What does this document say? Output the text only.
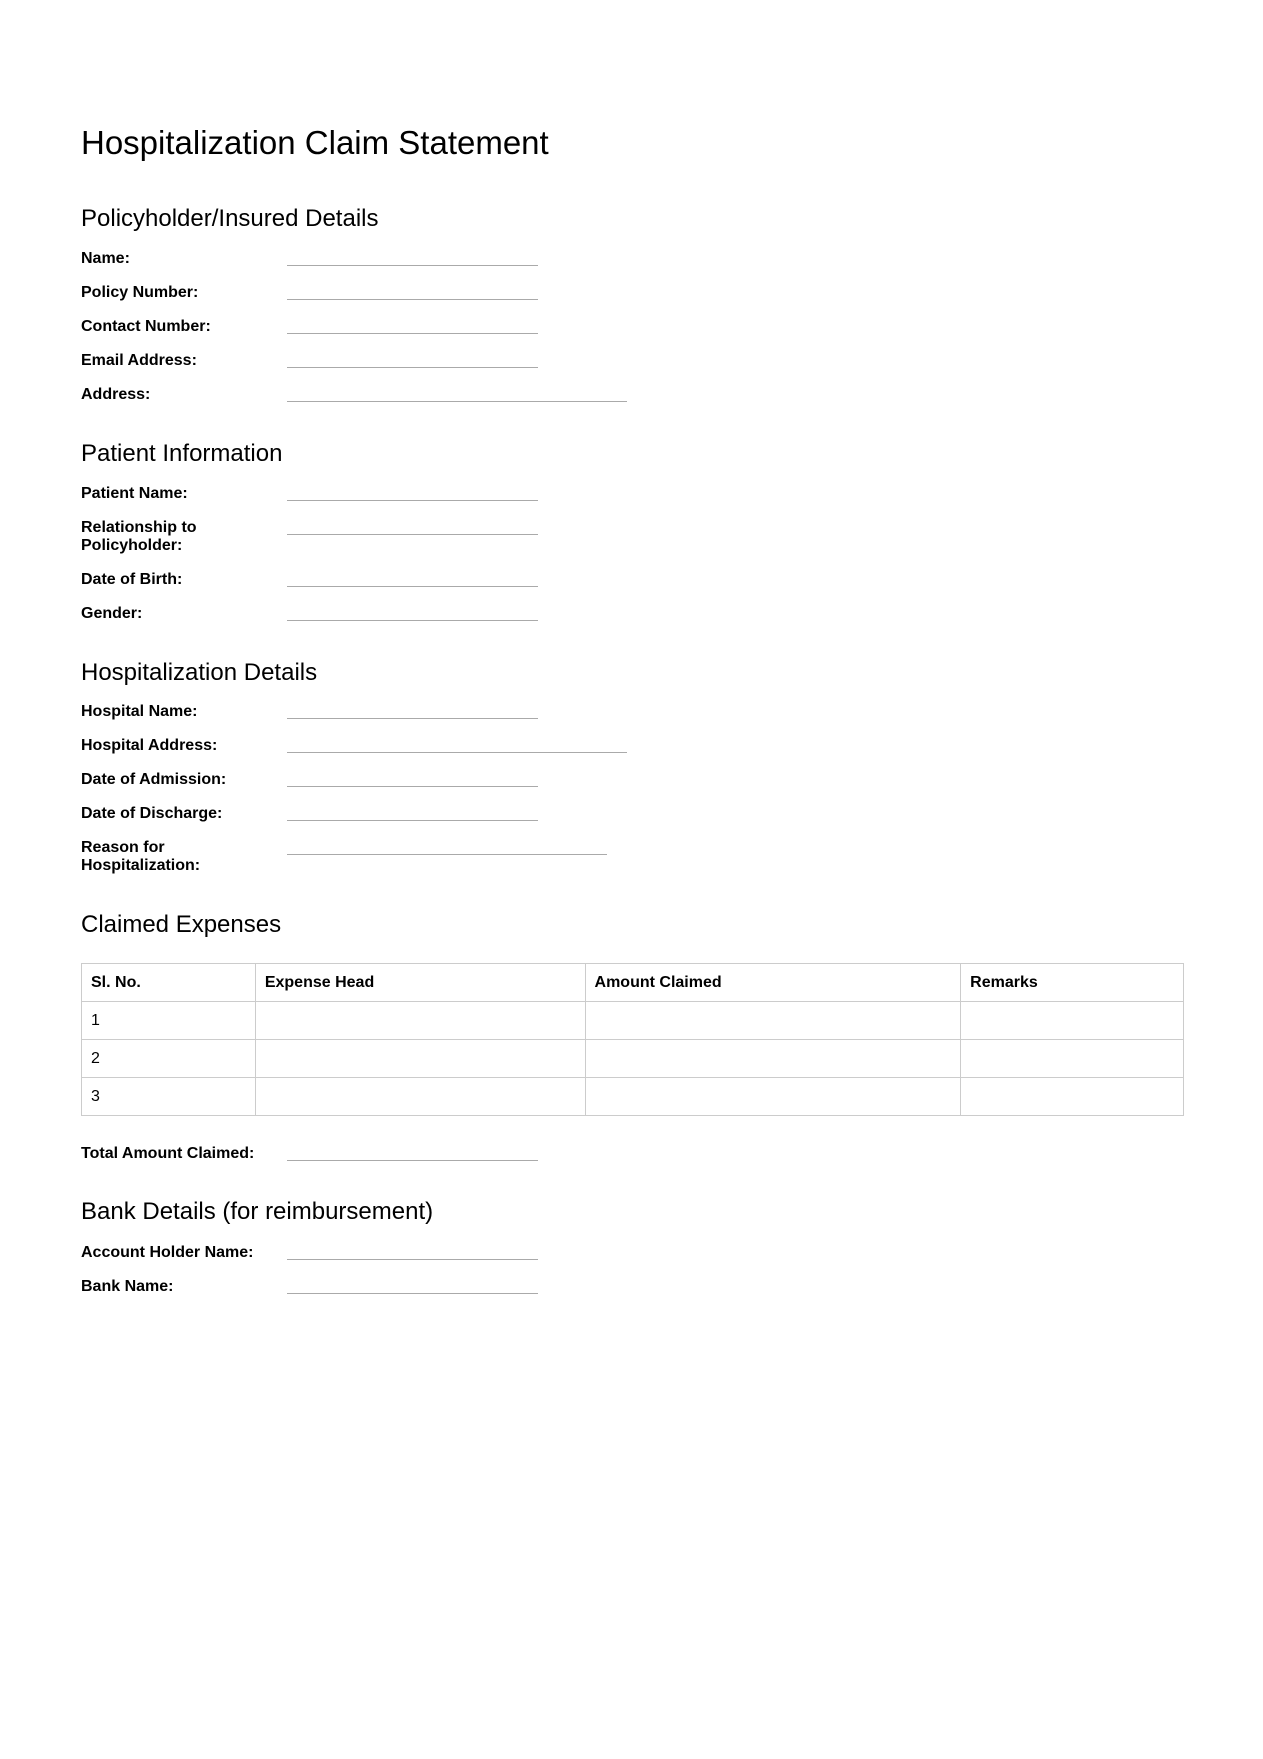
Hospitalization Claim Statement
Policyholder/Insured Details
Name:
Policy Number:
Contact Number:
Email Address:
Address:
Patient Information
Patient Name:
Relationship to Policyholder:
Date of Birth:
Gender:
Hospitalization Details
Hospital Name:
Hospital Address:
Date of Admission:
Date of Discharge:
Reason for Hospitalization:
Claimed Expenses
Sl. No.	Expense Head	Amount Claimed	Remarks
1			
2			
3			
Total Amount Claimed:
Bank Details (for reimbursement)
Account Holder Name:
Bank Name:
